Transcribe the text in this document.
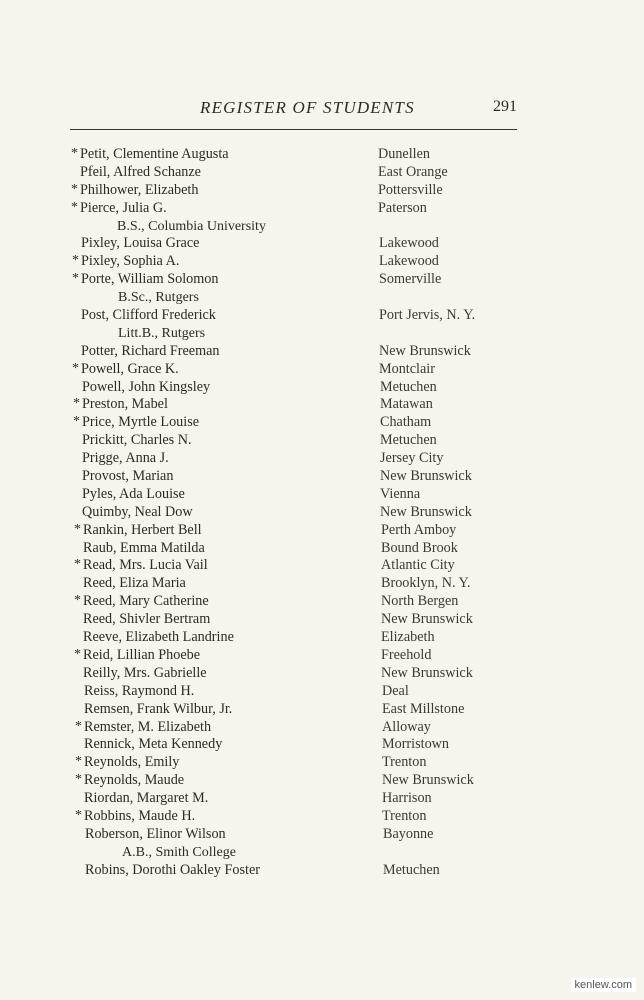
REGISTER OF STUDENTS	291
* Petit, Clementine Augusta	Dunellen
Pfeil, Alfred Schanze	East Orange
* Philhower, Elizabeth	Pottersville
* Pierce, Julia G.	Paterson
B.S., Columbia University
Pixley, Louisa Grace	Lakewood
* Pixley, Sophia A.	Lakewood
* Porte, William Solomon	Somerville
B.Sc., Rutgers
Post, Clifford Frederick	Port Jervis, N. Y.
Litt.B., Rutgers
Potter, Richard Freeman	New Brunswick
* Powell, Grace K.	Montclair
Powell, John Kingsley	Metuchen
* Preston, Mabel	Matawan
* Price, Myrtle Louise	Chatham
Prickitt, Charles N.	Metuchen
Prigge, Anna J.	Jersey City
Provost, Marian	New Brunswick
Pyles, Ada Louise	Vienna
Quimby, Neal Dow	New Brunswick
* Rankin, Herbert Bell	Perth Amboy
Raub, Emma Matilda	Bound Brook
* Read, Mrs. Lucia Vail	Atlantic City
Reed, Eliza Maria	Brooklyn, N. Y.
* Reed, Mary Catherine	North Bergen
Reed, Shivler Bertram	New Brunswick
Reeve, Elizabeth Landrine	Elizabeth
* Reid, Lillian Phoebe	Freehold
Reilly, Mrs. Gabrielle	New Brunswick
Reiss, Raymond H.	Deal
Remsen, Frank Wilbur, Jr.	East Millstone
* Remster, M. Elizabeth	Alloway
Rennick, Meta Kennedy	Morristown
* Reynolds, Emily	Trenton
* Reynolds, Maude	New Brunswick
Riordan, Margaret M.	Harrison
* Robbins, Maude H.	Trenton
Roberson, Elinor Wilson	Bayonne
A.B., Smith College
Robins, Dorothi Oakley Foster	Metuchen
kenlew.com
